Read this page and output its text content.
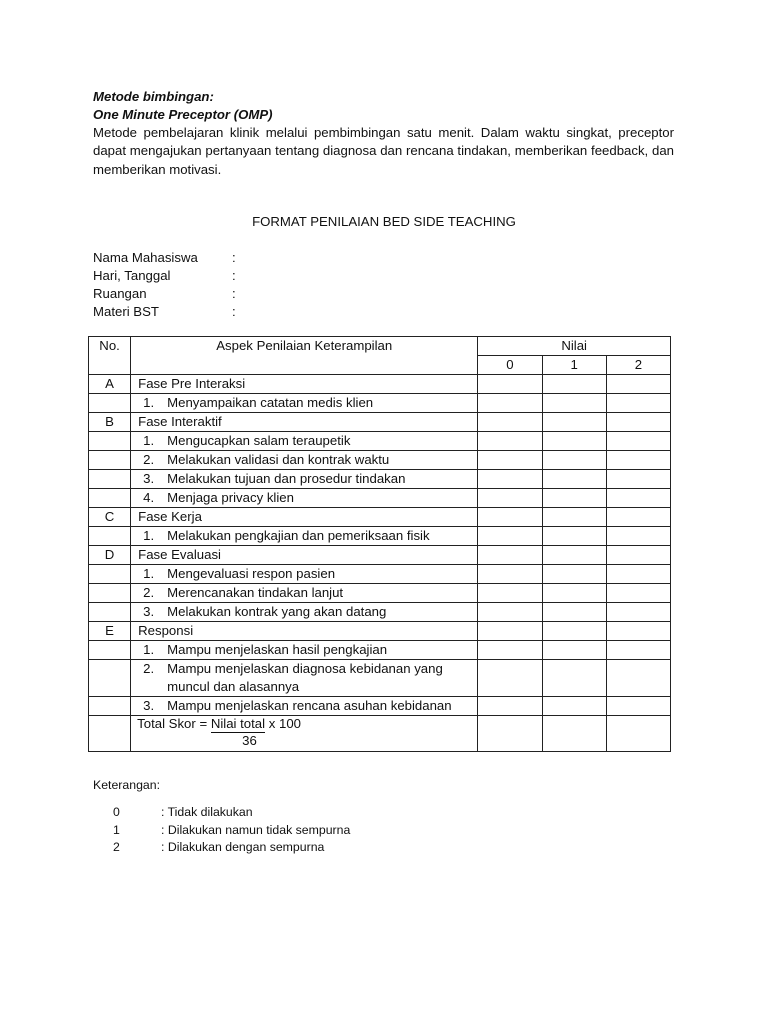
Metode bimbingan:
One Minute Preceptor (OMP)
Metode pembelajaran klinik melalui pembimbingan satu menit. Dalam waktu singkat, preceptor dapat mengajukan pertanyaan tentang diagnosa dan rencana tindakan, memberikan feedback, dan memberikan motivasi.
FORMAT PENILAIAN BED SIDE TEACHING
Nama Mahasiswa	:
Hari, Tanggal	:
Ruangan	:
Materi BST	:
No.	Aspek Penilaian Keterampilan	Nilai		
		0	1	2
A	Fase Pre Interaksi			
	1. Menyampaikan catatan medis klien			
B	Fase Interaktif			
	1. Mengucapkan salam teraupetik			
	2. Melakukan validasi dan kontrak waktu			
	3. Melakukan tujuan dan prosedur tindakan			
	4. Menjaga privacy klien			
C	Fase Kerja			
	1. Melakukan pengkajian dan pemeriksaan fisik			
D	Fase Evaluasi			
	1. Mengevaluasi respon pasien			
	2. Merencanakan tindakan lanjut			
	3. Melakukan kontrak yang akan datang			
E	Responsi			
	1. Mampu menjelaskan hasil pengkajian			
	2. Mampu menjelaskan diagnosa kebidanan yang muncul dan alasannya			
	3. Mampu menjelaskan rencana asuhan kebidanan			

	Total Skor = Nilai total x 100
36			

Keterangan:
0	: Tidak dilakukan
1	: Dilakukan namun tidak sempurna
2	: Dilakukan dengan sempurna
